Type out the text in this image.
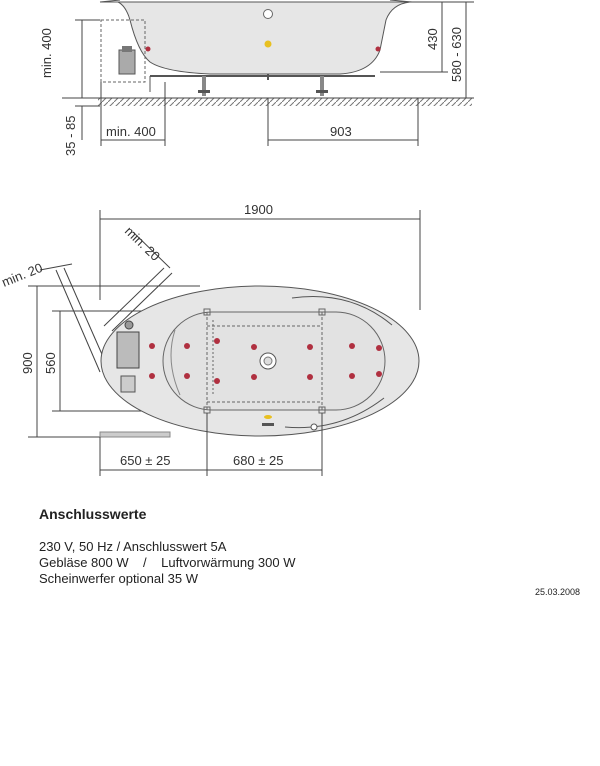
min. 400
35 - 85 min. 400	903
430 580 - 630
1900
min. 20
min. 20
900 560
650 ± 25	680 ± 25
Anschlusswerte
230 V, 50 Hz / Anschlusswert 5A
Gebläse 800 W    /    Luftvorwärmung 300 W
Scheinwerfer optional 35 W
25.03.2008
